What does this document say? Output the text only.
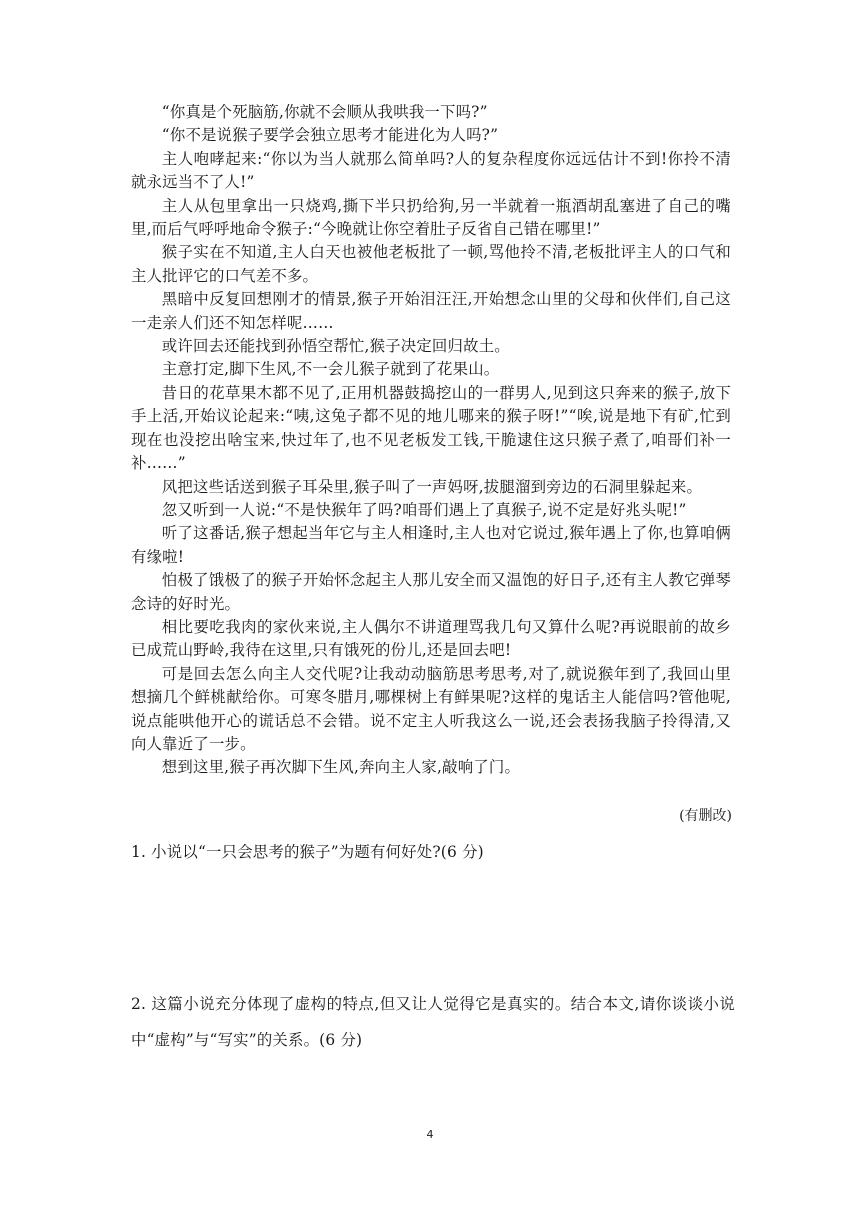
“你真是个死脑筋,你就不会顺从我哄我一下吗?”

“你不是说猴子要学会独立思考才能进化为人吗?”

主人咆哮起来:“你以为当人就那么简单吗?人的复杂程度你远远估计不到!你拎不清就永远当不了人!”

主人从包里拿出一只烧鸡,撕下半只扔给狗,另一半就着一瓶酒胡乱塞进了自己的嘴里,而后气呼呼地命令猴子:“今晚就让你空着肚子反省自己错在哪里!”

猴子实在不知道,主人白天也被他老板批了一顿,骂他拎不清,老板批评主人的口气和主人批评它的口气差不多。

黑暗中反复回想刚才的情景,猴子开始泪汪汪,开始想念山里的父母和伙伴们,自己这一走亲人们还不知怎样呢……

或许回去还能找到孙悟空帮忙,猴子决定回归故土。

主意打定,脚下生风,不一会儿猴子就到了花果山。

昔日的花草果木都不见了,正用机器鼓捣挖山的一群男人,见到这只奔来的猴子,放下手上活,开始议论起来:“咦,这兔子都不见的地儿哪来的猴子呀!”“唉,说是地下有矿,忙到现在也没挖出啥宝来,快过年了,也不见老板发工钱,干脆逮住这只猴子煮了,咱哥们补一补……”

风把这些话送到猴子耳朵里,猴子叫了一声妈呀,拔腿溜到旁边的石洞里躲起来。

忽又听到一人说:“不是快猴年了吗?咱哥们遇上了真猴子,说不定是好兆头呢!”

听了这番话,猴子想起当年它与主人相逢时,主人也对它说过,猴年遇上了你,也算咱俩有缘啦!

怕极了饿极了的猴子开始怀念起主人那儿安全而又温饱的好日子,还有主人教它弹琴念诗的好时光。

相比要吃我肉的家伙来说,主人偶尔不讲道理骂我几句又算什么呢?再说眼前的故乡已成荒山野岭,我待在这里,只有饿死的份儿,还是回去吧!

可是回去怎么向主人交代呢?让我动动脑筋思考思考,对了,就说猴年到了,我回山里想摘几个鲜桃献给你。可寒冬腊月,哪棵树上有鲜果呢?这样的鬼话主人能信吗?管他呢,说点能哄他开心的谎话总不会错。说不定主人听我这么一说,还会表扬我脑子拎得清,又向人靠近了一步。

想到这里,猴子再次脚下生风,奔向主人家,敲响了门。

(有删改)

1. 小说以“一只会思考的猴子”为题有何好处?(6 分)

2. 这篇小说充分体现了虚构的特点,但又让人觉得它是真实的。结合本文,请你谈谈小说中“虚构”与“写实”的关系。(6 分)

4
